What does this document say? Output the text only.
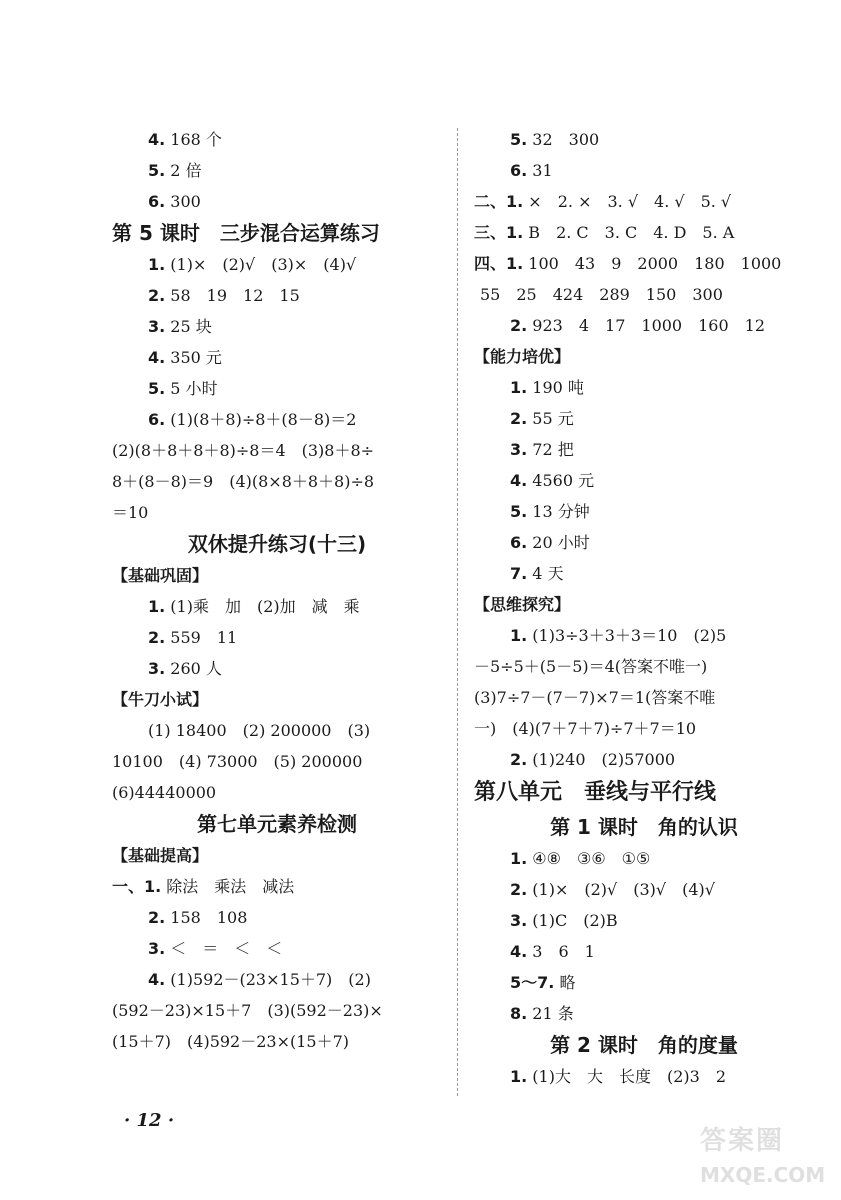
4. 168 个
5. 2 倍
6. 300
第 5 课时　三步混合运算练习
1. (1)×　(2)√　(3)×　(4)√
2. 58　19　12　15
3. 25 块
4. 350 元
5. 5 小时
6. (1)(8＋8)÷8＋(8－8)＝2
(2)(8＋8＋8＋8)÷8＝4　(3)8＋8÷
8＋(8－8)＝9　(4)(8×8＋8＋8)÷8
＝10
双休提升练习(十三)
【基础巩固】
1. (1)乘　加　(2)加　减　乘
2. 559　11
3. 260 人
【牛刀小试】
(1) 18400　(2) 200000　(3)
10100　(4) 73000　(5) 200000
(6)44440000
第七单元素养检测
【基础提高】
一、1. 除法　乘法　减法
2. 158　108
3. ＜　＝　＜　＜
4. (1)592－(23×15＋7)　(2)
(592－23)×15＋7　(3)(592－23)×
(15＋7)　(4)592－23×(15＋7)
5. 32　300
6. 31
二、1. ×　2. ×　3. √　4. √　5. √
三、1. B　2. C　3. C　4. D　5. A
四、1. 100　43　9　2000　180　1000
55　25　424　289　150　300
2. 923　4　17　1000　160　12
【能力培优】
1. 190 吨
2. 55 元
3. 72 把
4. 4560 元
5. 13 分钟
6. 20 小时
7. 4 天
【思维探究】
1. (1)3÷3＋3＋3＝10　(2)5
－5÷5＋(5－5)＝4(答案不唯一)
(3)7÷7－(7－7)×7＝1(答案不唯
一)　(4)(7＋7＋7)÷7＋7＝10
2. (1)240　(2)57000
第八单元　垂线与平行线
第 1 课时　角的认识
1. ④⑧　③⑥　①⑤
2. (1)×　(2)√　(3)√　(4)√
3. (1)C　(2)B
4. 3　6　1
5～7. 略
8. 21 条
第 2 课时　角的度量
1. (1)大　大　长度　(2)3　2
· 12 ·
答案圈
MXQE.COM
